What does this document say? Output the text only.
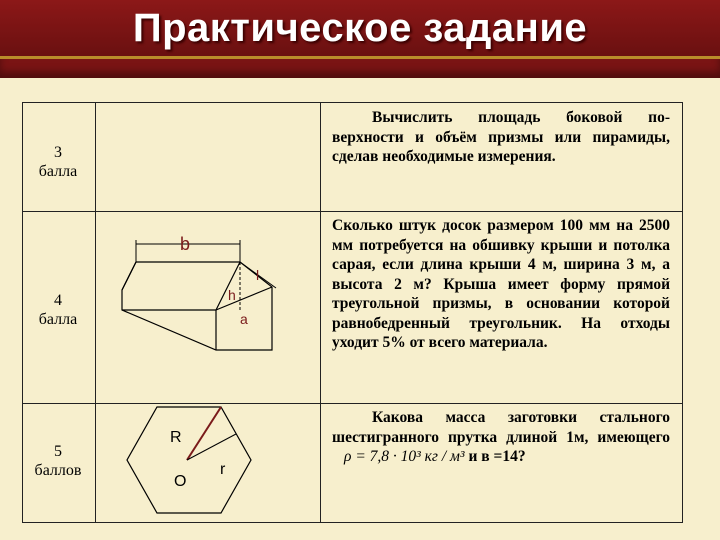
Практическое задание
3
балла

Вычислить площадь боковой по-верхности и объём призмы или пирамиды, сделав необходимые измерения.

4
балла
b
h
l
a

Сколько штук досок размером 100 мм на 2500 мм потребуется на обшивку крыши и потолка сарая, если длина крыши 4 м, ширина 3 м, а высота 2 м? Крыша имеет форму прямой треугольной призмы, в основании которой равнобедренный треугольник. На отходы уходит 5% от всего материала.

5
баллов
R
O
r

Какова масса заготовки стального шестигранного прутка длиной 1м, имеющего ρ = 7,8 · 10³ кг / м³ и в =14?
